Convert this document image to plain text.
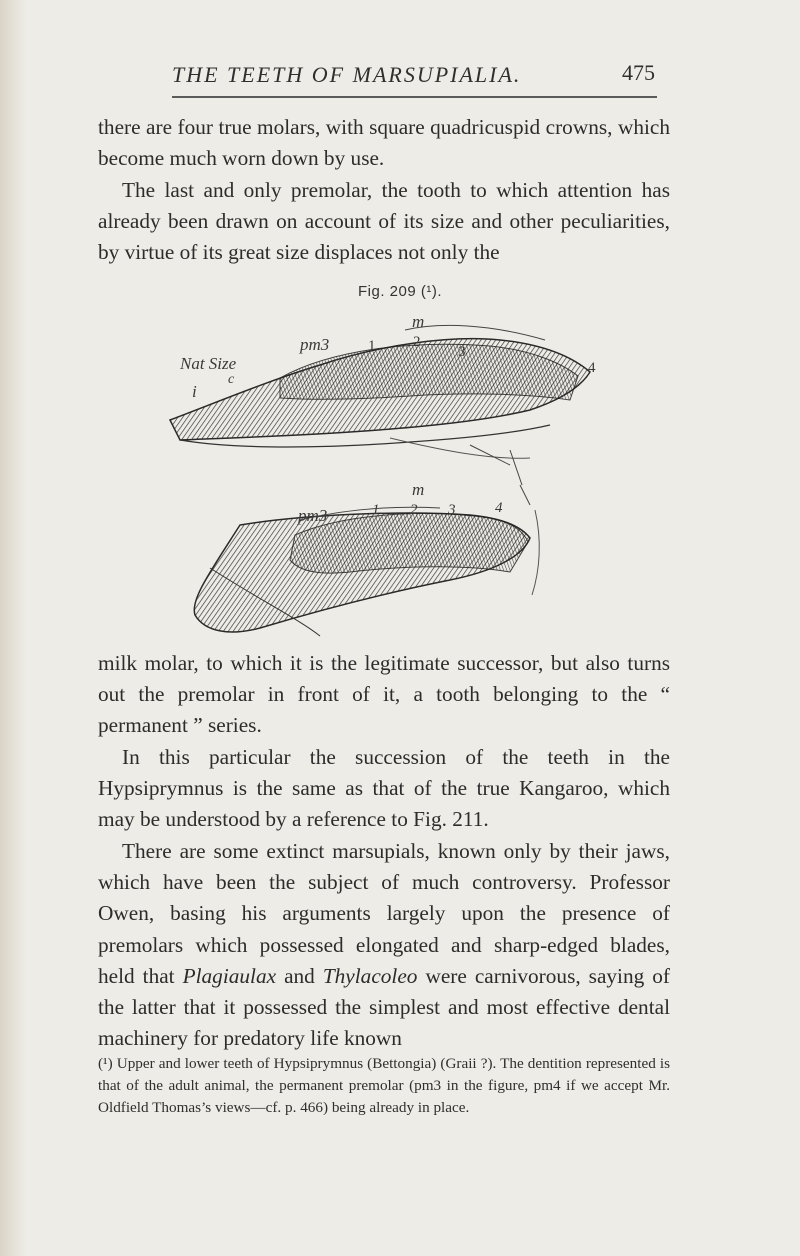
THE TEETH OF MARSUPIALIA.	475
there are four true molars, with square quadricuspid crowns, which become much worn down by use.
The last and only premolar, the tooth to which attention has already been drawn on account of its size and other peculiarities, by virtue of its great size displaces not only the
Fig. 209 (¹).
Nat Size
pm3
m
1	2
3
4
i
c
m
pm3	1 2 3	4
milk molar, to which it is the legitimate successor, but also turns out the premolar in front of it, a tooth belonging to the “ permanent ” series.
In this particular the succession of the teeth in the Hypsiprymnus is the same as that of the true Kangaroo, which may be understood by a reference to Fig. 211.
There are some extinct marsupials, known only by their jaws, which have been the subject of much controversy. Professor Owen, basing his arguments largely upon the presence of premolars which possessed elongated and sharp-edged blades, held that Plagiaulax and Thylacoleo were carnivorous, saying of the latter that it possessed the simplest and most effective dental machinery for predatory life known
(¹) Upper and lower teeth of Hypsiprymnus (Bettongia) (Graii ?). The dentition represented is that of the adult animal, the permanent premolar (pm3 in the figure, pm4 if we accept Mr. Oldfield Thomas’s views—cf. p. 466) being already in place.
